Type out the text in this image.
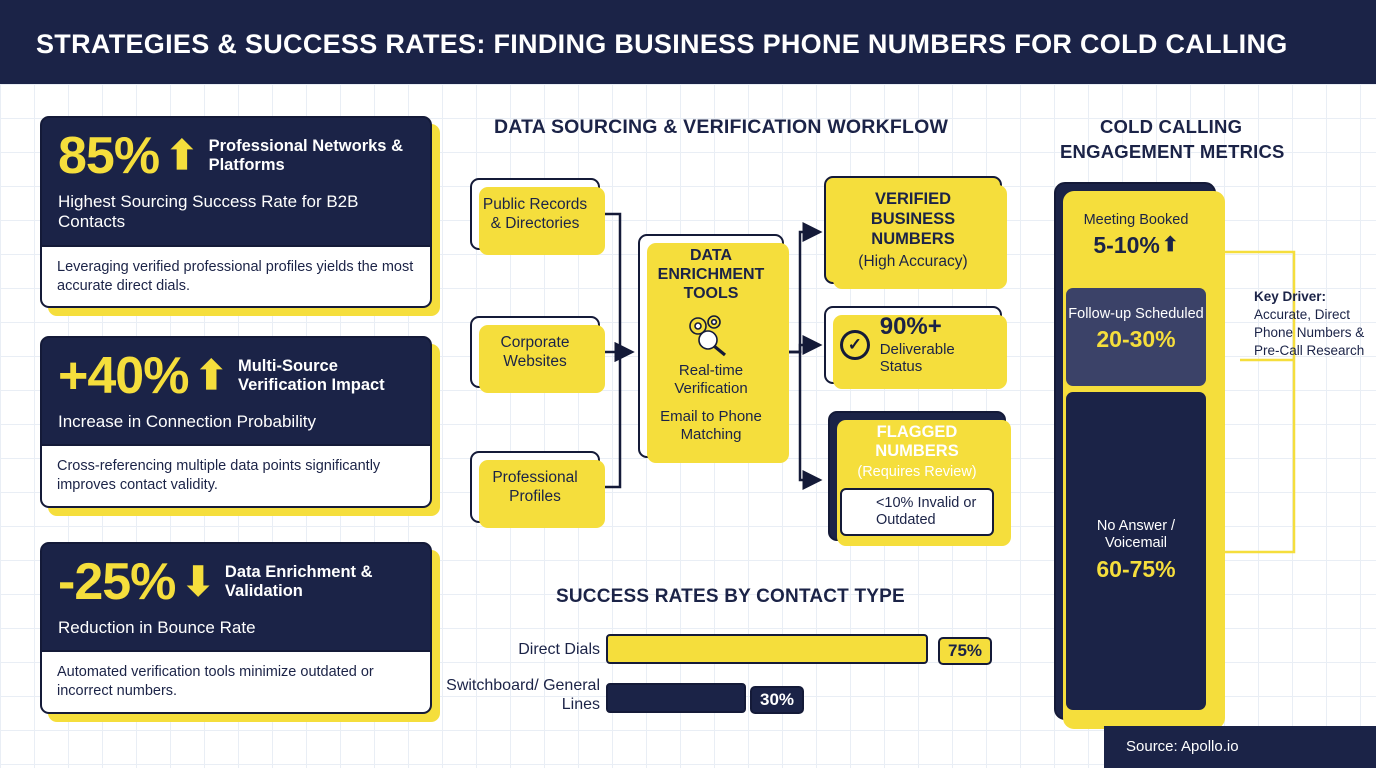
STRATEGIES & SUCCESS RATES: FINDING BUSINESS PHONE NUMBERS FOR COLD CALLING
85% ⬆ Professional Networks & Platforms
Highest Sourcing Success Rate for B2B Contacts
Leveraging verified professional profiles yields the most accurate direct dials.
+40% ⬆ Multi-Source Verification Impact
Increase in Connection Probability
Cross-referencing multiple data points significantly improves contact validity.
-25% ⬇ Data Enrichment & Validation
Reduction in Bounce Rate
Automated verification tools minimize outdated or incorrect numbers.
DATA SOURCING & VERIFICATION WORKFLOW
Public Records & Directories
Corporate Websites
Professional Profiles
DATA ENRICHMENT TOOLS
Real-time Verification
Email to Phone Matching
VERIFIED BUSINESS NUMBERS
(High Accuracy)
✓
90%+
Deliverable Status
FLAGGED NUMBERS
(Requires Review)
⚠ <10% Invalid or Outdated
COLD CALLING
ENGAGEMENT METRICS
Meeting Booked
5-10% ⬆
Follow-up Scheduled
20-30%
No Answer / Voicemail
60-75%
Key Driver:
Accurate, Direct Phone Numbers & Pre-Call Research
SUCCESS RATES BY CONTACT TYPE
Direct Dials	75%
Switchboard/ General Lines	30%
Source: Apollo.io
